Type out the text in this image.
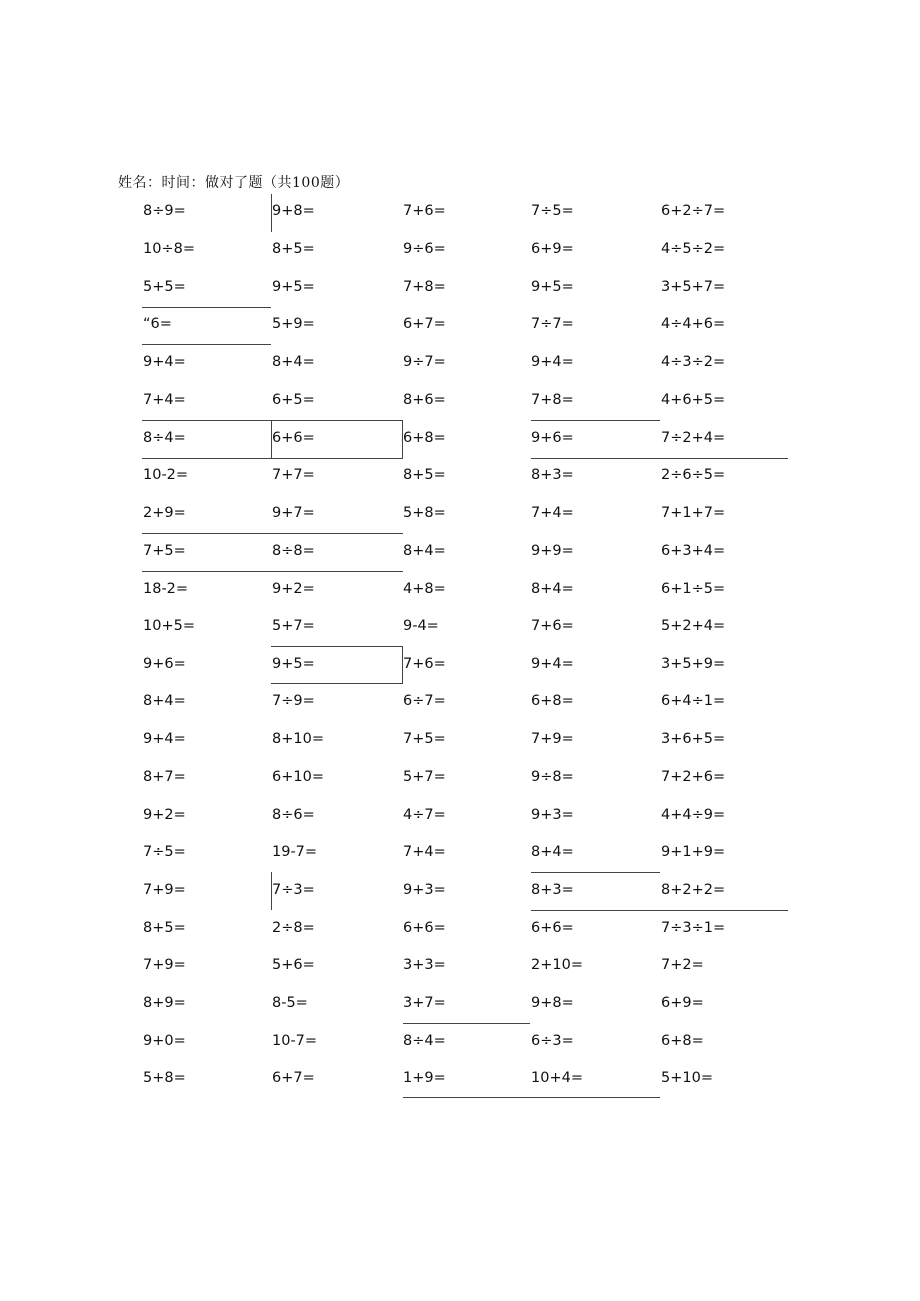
姓名：时间：做对了题（共100题）
8÷9=	9+8=	7+6=	7÷5=	6+2÷7=
10÷8=	8+5=	9÷6=	6+9=	4÷5÷2=
5+5=	9+5=	7+8=	9+5=	3+5+7=
“6=	5+9=	6+7=	7÷7=	4÷4+6=
9+4=	8+4=	9÷7=	9+4=	4÷3÷2=
7+4=	6+5=	8+6=	7+8=	4+6+5=
8÷4=	6+6=	6+8=	9+6=	7÷2+4=
10-2=	7+7=	8+5=	8+3=	2÷6÷5=
2+9=	9+7=	5+8=	7+4=	7+1+7=
7+5=	8÷8=	8+4=	9+9=	6+3+4=
18-2=	9+2=	4+8=	8+4=	6+1÷5=
10+5=	5+7=	9-4=	7+6=	5+2+4=
9+6=	9+5=	7+6=	9+4=	3+5+9=
8+4=	7÷9=	6÷7=	6+8=	6+4÷1=
9+4=	8+10=	7+5=	7+9=	3+6+5=
8+7=	6+10=	5+7=	9÷8=	7+2+6=
9+2=	8÷6=	4÷7=	9+3=	4+4÷9=
7÷5=	19-7=	7+4=	8+4=	9+1+9=
7+9=	7÷3=	9+3=	8+3=	8+2+2=
8+5=	2÷8=	6+6=	6+6=	7÷3÷1=
7+9=	5+6=	3+3=	2+10=	7+2=
8+9=	8-5=	3+7=	9+8=	6+9=
9+0=	10-7=	8÷4=	6÷3=	6+8=
5+8=	6+7=	1+9=	10+4=	5+10=
